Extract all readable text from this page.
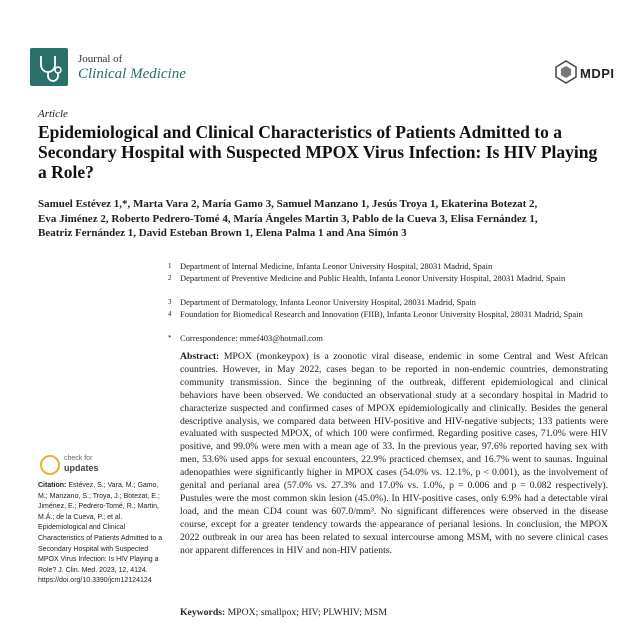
Journal of
Clinical Medicine	MDPI
Article
Epidemiological and Clinical Characteristics of Patients Admitted to a Secondary Hospital with Suspected MPOX Virus Infection: Is HIV Playing a Role?
Samuel Estévez 1,*, Marta Vara 2, María Gamo 3, Samuel Manzano 1, Jesús Troya 1, Ekaterina Botezat 2,
Eva Jiménez 2, Roberto Pedrero-Tomé 4, María Ángeles Martin 3, Pablo de la Cueva 3, Elisa Fernández 1,
Beatriz Fernández 1, David Esteban Brown 1, Elena Palma 1 and Ana Simón 3
1 Department of Internal Medicine, Infanta Leonor University Hospital, 28031 Madrid, Spain
2 Department of Preventive Medicine and Public Health, Infanta Leonor University Hospital, 28031 Madrid, Spain
3 Department of Dermatology, Infanta Leonor University Hospital, 28031 Madrid, Spain
4 Foundation for Biomedical Research and Innovation (FIIB), Infanta Leonor University Hospital, 28031 Madrid, Spain
* Correspondence: mmef403@hotmail.com
Abstract: MPOX (monkeypox) is a zoonotic viral disease, endemic in some Central and West African countries. However, in May 2022, cases began to be reported in non-endemic countries, demonstrating community transmission. Since the beginning of the outbreak, different epidemiological and clinical behaviors have been observed. We conducted an observational study at a secondary hospital in Madrid to characterize suspected and confirmed cases of MPOX epidemiologically and clinically. Besides the general descriptive analysis, we compared data between HIV-positive and HIV-negative subjects; 133 patients were evaluated with suspected MPOX, of which 100 were confirmed. Regarding positive cases, 71.0% were HIV positive, and 99.0% were men with a mean age of 33. In the previous year, 97.6% reported having sex with men, 53.6% used apps for sexual encounters, 22.9% practiced chemsex, and 16.7% went to saunas. Inguinal adenopathies were significantly higher in MPOX cases (54.0% vs. 12.1%, p < 0.001), as the involvement of genital and perianal area (57.0% vs. 27.3% and 17.0% vs. 1.0%, p = 0.006 and p = 0.082 respectively). Pustules were the most common skin lesion (45.0%). In HIV-positive cases, only 6.9% had a detectable viral load, and the mean CD4 count was 607.0/mm³. No significant differences were observed in the disease course, except for a greater tendency towards the appearance of perianal lesions. In conclusion, the MPOX 2022 outbreak in our area has been related to sexual intercourse among MSM, with no severe clinical cases nor apparent differences in HIV and non-HIV patients.
check for
updates
Citation: Estévez, S.; Vara, M.; Gamo, M.; Manzano, S.; Troya, J.; Botezat, E.; Jiménez, E.; Pedrero-Tomé, R.; Martin, M.Á.; de la Cueva, P.; et al. Epidemiological and Clinical Characteristics of Patients Admitted to a Secondary Hospital with Suspected MPOX Virus Infection: Is HIV Playing a Role? J. Clin. Med. 2023, 12, 4124. https://doi.org/10.3390/jcm12124124
Keywords: MPOX; smallpox; HIV; PLWHIV; MSM
